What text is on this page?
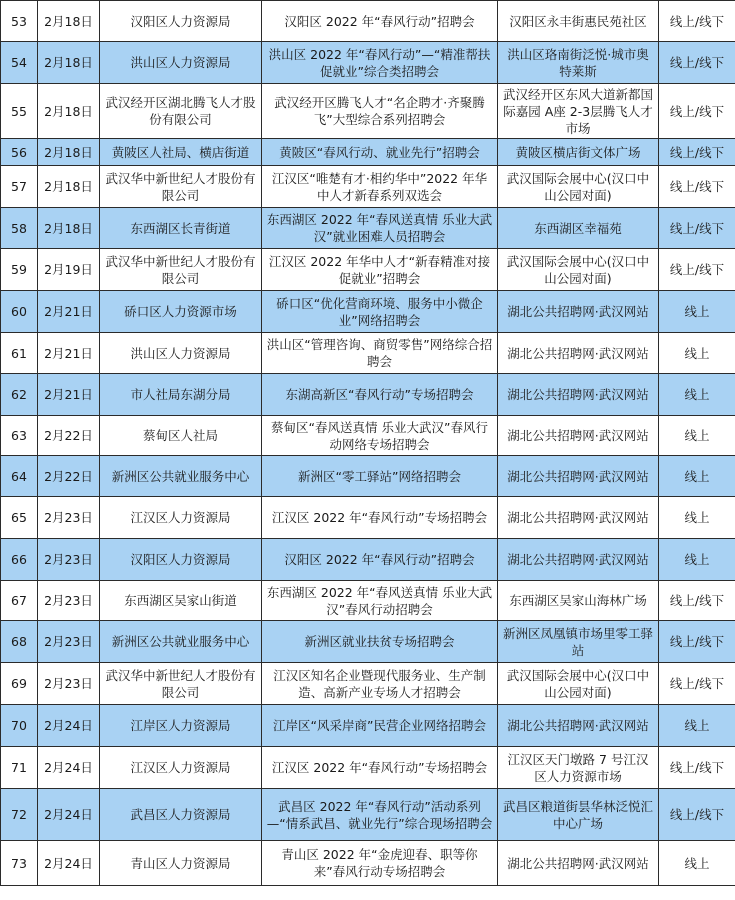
53	2月18日	汉阳区人力资源局	汉阳区 2022 年“春风行动”招聘会	汉阳区永丰街惠民苑社区	线上/线下
54	2月18日	洪山区人力资源局	洪山区 2022 年“春风行动”—“精准帮扶 促就业”综合类招聘会	洪山区珞南街泛悦·城市奥特莱斯	线上/线下
55	2月18日	武汉经开区湖北腾飞人才股份有限公司	武汉经开区腾飞人才“名企聘才·齐聚腾飞”大型综合系列招聘会	武汉经开区东风大道新都国际嘉园 A座 2-3层腾飞人才市场	线上/线下
56	2月18日	黄陂区人社局、横店街道	黄陂区“春风行动、就业先行”招聘会	黄陂区横店街文体广场	线上/线下
57	2月18日	武汉华中新世纪人才股份有限公司	江汉区“唯楚有才·相约华中”2022 年华中人才新春系列双选会	武汉国际会展中心(汉口中山公园对面)	线上/线下
58	2月18日	东西湖区长青街道	东西湖区 2022 年“春风送真情 乐业大武汉”就业困难人员招聘会	东西湖区幸福苑	线上/线下
59	2月19日	武汉华中新世纪人才股份有限公司	江汉区 2022 年华中人才“新春精准对接促就业”招聘会	武汉国际会展中心(汉口中山公园对面)	线上/线下
60	2月21日	硚口区人力资源市场	硚口区“优化营商环境、服务中小微企业”网络招聘会	湖北公共招聘网·武汉网站	线上
61	2月21日	洪山区人力资源局	洪山区“管理咨询、商贸零售”网络综合招聘会	湖北公共招聘网·武汉网站	线上
62	2月21日	市人社局东湖分局	东湖高新区“春风行动”专场招聘会	湖北公共招聘网·武汉网站	线上
63	2月22日	蔡甸区人社局	蔡甸区“春风送真情 乐业大武汉”春风行动网络专场招聘会	湖北公共招聘网·武汉网站	线上
64	2月22日	新洲区公共就业服务中心	新洲区“零工驿站”网络招聘会	湖北公共招聘网·武汉网站	线上
65	2月23日	江汉区人力资源局	江汉区 2022 年“春风行动”专场招聘会	湖北公共招聘网·武汉网站	线上
66	2月23日	汉阳区人力资源局	汉阳区 2022 年“春风行动”招聘会	湖北公共招聘网·武汉网站	线上
67	2月23日	东西湖区吴家山街道	东西湖区 2022 年“春风送真情 乐业大武汉”春风行动招聘会	东西湖区吴家山海林广场	线上/线下
68	2月23日	新洲区公共就业服务中心	新洲区就业扶贫专场招聘会	新洲区凤凰镇市场里零工驿站	线上/线下
69	2月23日	武汉华中新世纪人才股份有限公司	江汉区知名企业暨现代服务业、生产制造、高新产业专场人才招聘会	武汉国际会展中心(汉口中山公园对面)	线上/线下
70	2月24日	江岸区人力资源局	江岸区“风采岸商”民营企业网络招聘会	湖北公共招聘网·武汉网站	线上
71	2月24日	江汉区人力资源局	江汉区 2022 年“春风行动”专场招聘会	江汉区天门墩路 7 号江汉区人力资源市场	线上/线下
72	2月24日	武昌区人力资源局	武昌区 2022 年“春风行动”活动系列—“情系武昌、就业先行”综合现场招聘会	武昌区粮道街昙华林泛悦汇中心广场	线上/线下
73	2月24日	青山区人力资源局	青山区 2022 年“金虎迎春、职等你来”春风行动专场招聘会	湖北公共招聘网·武汉网站	线上
